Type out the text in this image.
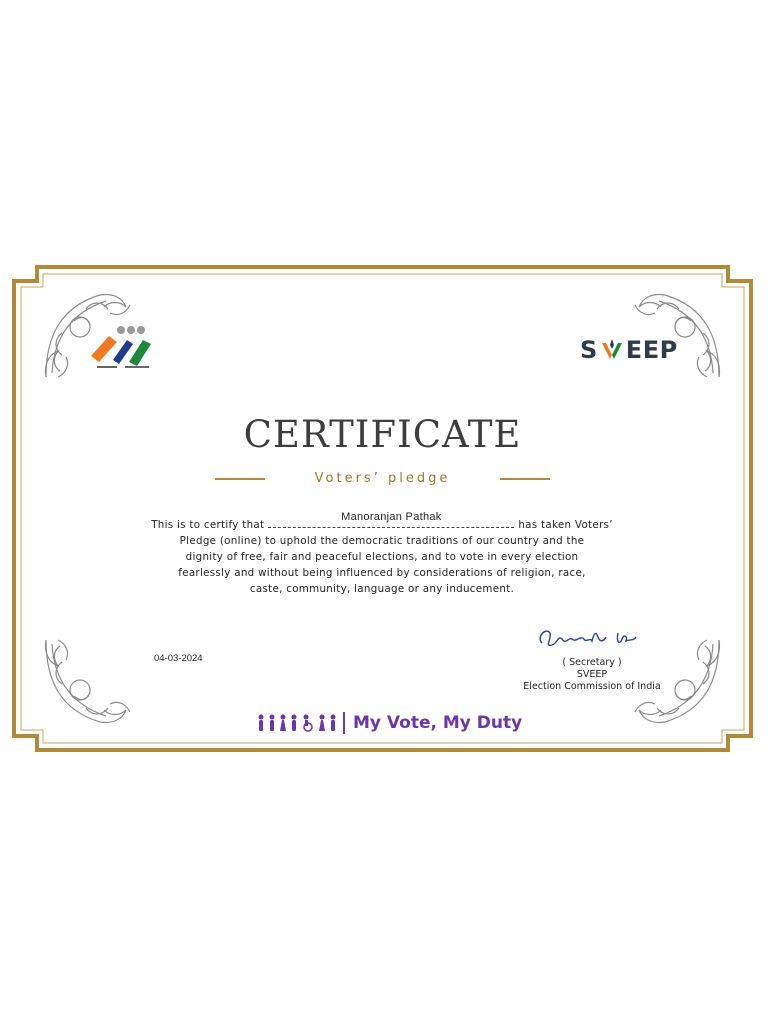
S EEP
CERTIFICATE
Voters’ pledge
This is to certify that
Manoranjan Pathak
has taken Voters’
Pledge (online) to uphold the democratic traditions of our country and the
dignity of free, fair and peaceful elections, and to vote in every election
fearlessly and without being influenced by considerations of religion, race,
caste, community, language or any inducement.
04-03-2024	( Secretary )
SVEEP
Election Commission of India
My Vote, My Duty
